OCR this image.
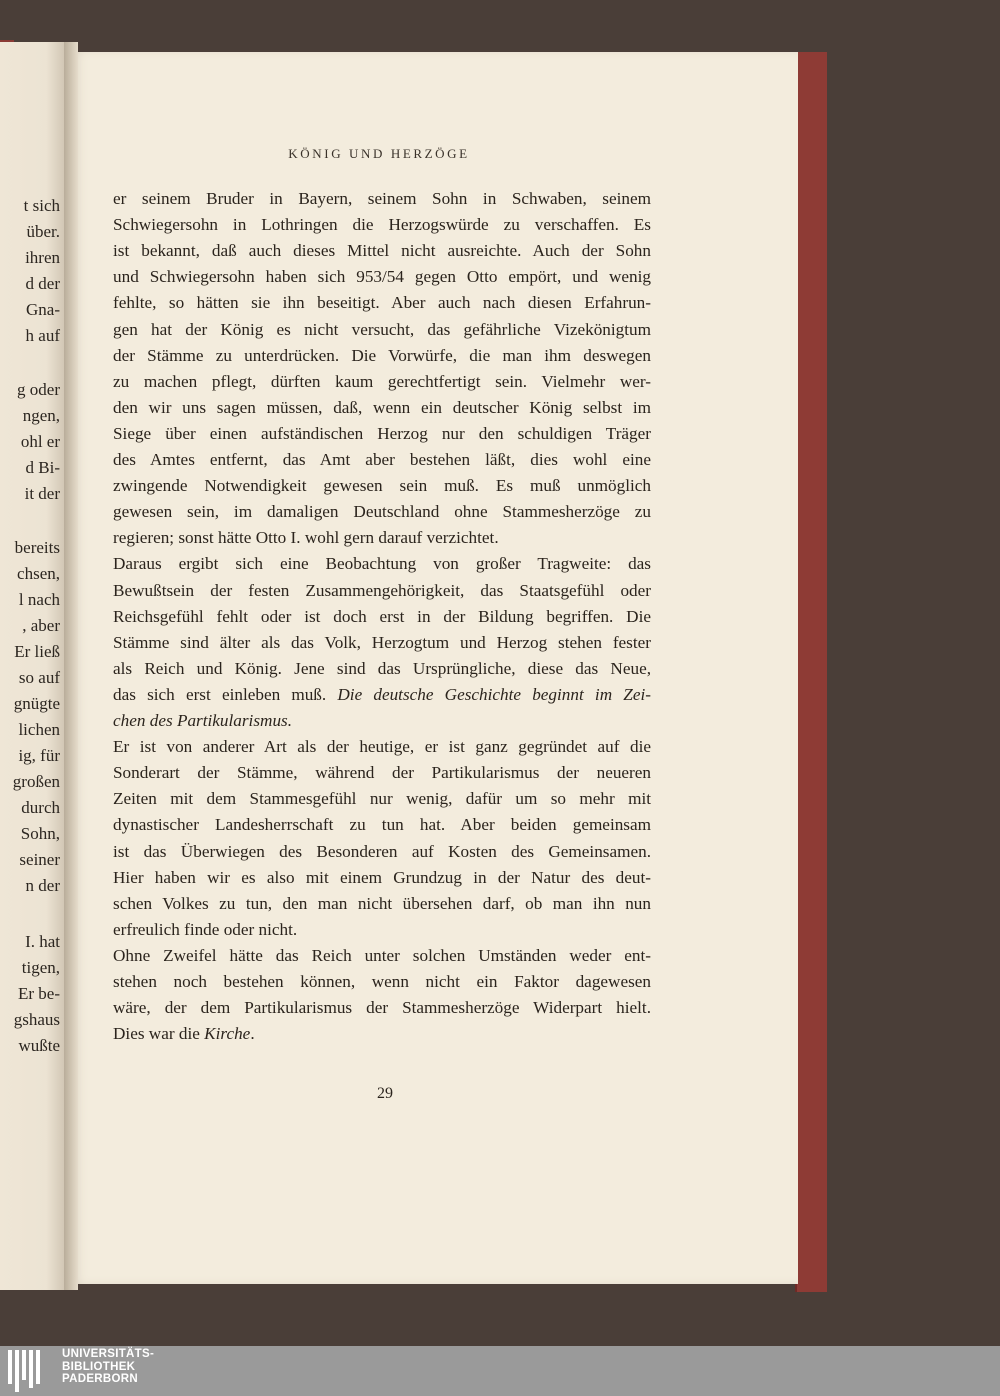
t sich
über.
ihren
d der
Gna-
h auf
g oder
ngen,
ohl er
d Bi-
it der
bereits
chsen,
l nach
, aber
Er ließ
so auf
gnügte
lichen
ig, für
großen
durch
Sohn,
seiner
n der
I. hat
tigen,
Er be-
gshaus
wußte
KÖNIG UND HERZÖGE
er seinem Bruder in Bayern, seinem Sohn in Schwaben, seinem
Schwiegersohn in Lothringen die Herzogswürde zu verschaffen. Es
ist bekannt, daß auch dieses Mittel nicht ausreichte. Auch der Sohn
und Schwiegersohn haben sich 953/54 gegen Otto empört, und wenig
fehlte, so hätten sie ihn beseitigt. Aber auch nach diesen Erfahrun-
gen hat der König es nicht versucht, das gefährliche Vizekönigtum
der Stämme zu unterdrücken. Die Vorwürfe, die man ihm deswegen
zu machen pflegt, dürften kaum gerechtfertigt sein. Vielmehr wer-
den wir uns sagen müssen, daß, wenn ein deutscher König selbst im
Siege über einen aufständischen Herzog nur den schuldigen Träger
des Amtes entfernt, das Amt aber bestehen läßt, dies wohl eine
zwingende Notwendigkeit gewesen sein muß. Es muß unmöglich
gewesen sein, im damaligen Deutschland ohne Stammesherzöge zu
regieren; sonst hätte Otto I. wohl gern darauf verzichtet.
Daraus ergibt sich eine Beobachtung von großer Tragweite: das
Bewußtsein der festen Zusammengehörigkeit, das Staatsgefühl oder
Reichsgefühl fehlt oder ist doch erst in der Bildung begriffen. Die
Stämme sind älter als das Volk, Herzogtum und Herzog stehen fester
als Reich und König. Jene sind das Ursprüngliche, diese das Neue,
das sich erst einleben muß. Die deutsche Geschichte beginnt im Zei-
chen des Partikularismus.
Er ist von anderer Art als der heutige, er ist ganz gegründet auf die
Sonderart der Stämme, während der Partikularismus der neueren
Zeiten mit dem Stammesgefühl nur wenig, dafür um so mehr mit
dynastischer Landesherrschaft zu tun hat. Aber beiden gemeinsam
ist das Überwiegen des Besonderen auf Kosten des Gemeinsamen.
Hier haben wir es also mit einem Grundzug in der Natur des deut-
schen Volkes zu tun, den man nicht übersehen darf, ob man ihn nun
erfreulich finde oder nicht.
Ohne Zweifel hätte das Reich unter solchen Umständen weder ent-
stehen noch bestehen können, wenn nicht ein Faktor dagewesen
wäre, der dem Partikularismus der Stammesherzöge Widerpart hielt.
Dies war die Kirche.
29
UNIVERSITÄTS-
BIBLIOTHEK
PADERBORN
